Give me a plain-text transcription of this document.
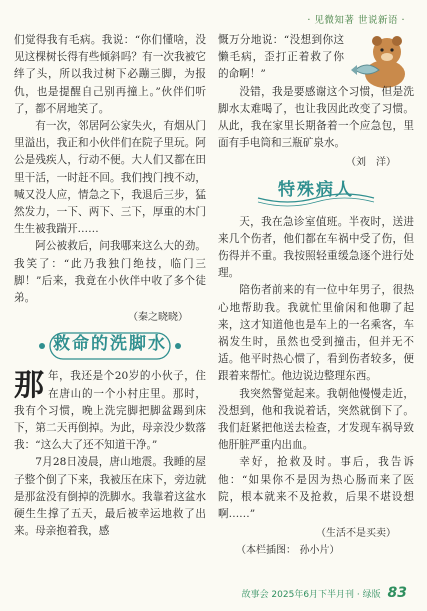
· 见微知著 世说新语 ·

们觉得我有毛病。我说：“你们懂啥，没见这棵树长得有些倾斜吗？有一次我被它绊了头，所以我过树下必蹦三脚，为报仇，也是提醒自己别再撞上。”伙伴们听了，都不屑地笑了。

有一次，邻居阿公家失火，有烟从门里溢出，我正和小伙伴们在院子里玩。阿公是残疾人，行动不便。大人们又都在田里干活，一时赶不回。我们拽门拽不动，喊又没人应，情急之下，我退后三步，猛然发力，一下、两下、三下，厚重的木门生生被我踹开……

阿公被救后，问我哪来这么大的劲。我笑了：“此乃我独门绝技，临门三脚！”后来，我竟在小伙伴中收了多个徒弟。

（秦之晓晓）
救命的洗脚水

那年，我还是个20岁的小伙子，住在唐山的一个小村庄里。那时，我有个习惯，晚上洗完脚把脚盆踢到床下，第二天再倒掉。为此，母亲没少数落我：“这么大了还不知道干净。”

7月28日凌晨，唐山地震。我睡的屋子整个倒了下来，我被压在床下，旁边就是那盆没有倒掉的洗脚水。我靠着这盆水硬生生撑了五天，最后被幸运地救了出来。母亲抱着我，感

慨万分地说：“没想到你这懒毛病，歪打正着救了你的命啊！”

没错，我是要感谢这个习惯，但是洗脚水太难喝了，也让我因此改变了习惯。从此，我在家里长期备着一个应急包，里面有手电筒和三瓶矿泉水。

（刘　洋）
特殊病人

天，我在急诊室值班。半夜时，送进来几个伤者，他们都在车祸中受了伤，但伤得并不重。我按照轻重缓急逐个进行处理。

陪伤者前来的有一位中年男子，很热心地帮助我。我就忙里偷闲和他聊了起来，这才知道他也是车上的一名乘客，车祸发生时，虽然也受到撞击，但并无不适。他平时热心惯了，看到伤者较多，便跟着来帮忙。他边说边整理东西。

我突然警觉起来。我朝他慢慢走近，没想到，他和我说着话，突然就倒下了。我们赶紧把他送去检查，才发现车祸导致他肝脏严重内出血。

幸好，抢救及时。事后，我告诉他：“如果你不是因为热心肠而来了医院，根本就来不及抢救，后果不堪设想啊……”

（生活不是买卖）
（本栏插图： 孙小片）
故事会 2025年6月下半月刊 · 绿版 83
